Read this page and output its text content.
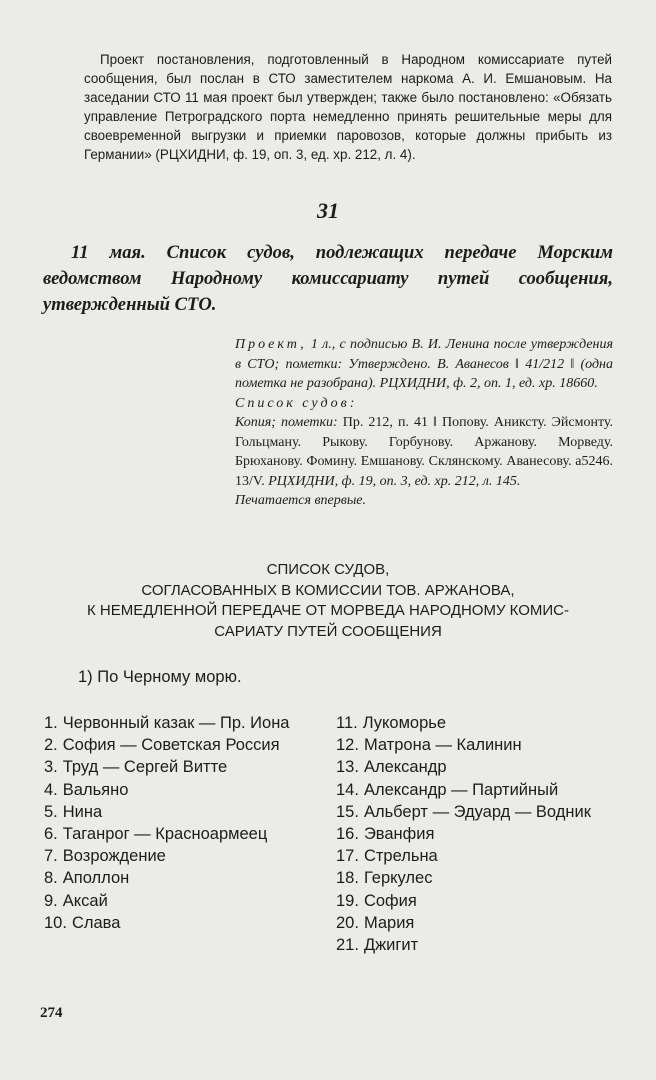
Проект постановления, подготовленный в Народном комиссариате путей сообщения, был послан в СТО заместителем наркома А. И. Емшановым. На заседании СТО 11 мая проект был утвержден; также было постановлено: «Обязать управление Петроградского порта немедленно принять решительные меры для своевременной выгрузки и приемки паровозов, которые должны прибыть из Германии» (РЦХИДНИ, ф. 19, оп. 3, ед. хр. 212, л. 4).

31
11 мая. Список судов, подлежащих передаче Морским ведомством Народному комиссариату путей сообщения, утвержденный СТО.

Проект, 1 л., с подписью В. И. Ленина после утверждения в СТО; пометки: Утверждено. В. Аванесов ‖ 41/212 ‖ (одна пометка не разобрана). РЦХИДНИ, ф. 2, оп. 1, ед. хр. 18660.

Список судов:

Копия; пометки: Пр. 212, п. 41 ‖ Попову. Аниксту. Эйсмонту. Гольцману. Рыкову. Горбунову. Аржанову. Морведу. Брюханову. Фомину. Емшанову. Склянскому. Аванесову. а5246. 13/V. РЦХИДНИ, ф. 19, оп. 3, ед. хр. 212, л. 145.

Печатается впервые.

СПИСОК СУДОВ,
СОГЛАСОВАННЫХ В КОМИССИИ ТОВ. АРЖАНОВА,
К НЕМЕДЛЕННОЙ ПЕРЕДАЧЕ ОТ МОРВЕДА НАРОДНОМУ КОМИС-
САРИАТУ ПУТЕЙ СООБЩЕНИЯ
1) По Черному морю.
1. Червонный казак — Пр. Иона
2. София — Советская Россия
3. Труд — Сергей Витте
4. Вальяно
5. Нина
6. Таганрог — Красноармеец
7. Возрождение
8. Аполлон
9. Аксай
10. Слава
11. Лукоморье
12. Матрона — Калинин
13. Александр
14. Александр — Партийный
15. Альберт — Эдуард — Водник
16. Эванфия
17. Стрельна
18. Геркулес
19. София
20. Мария
21. Джигит
274
